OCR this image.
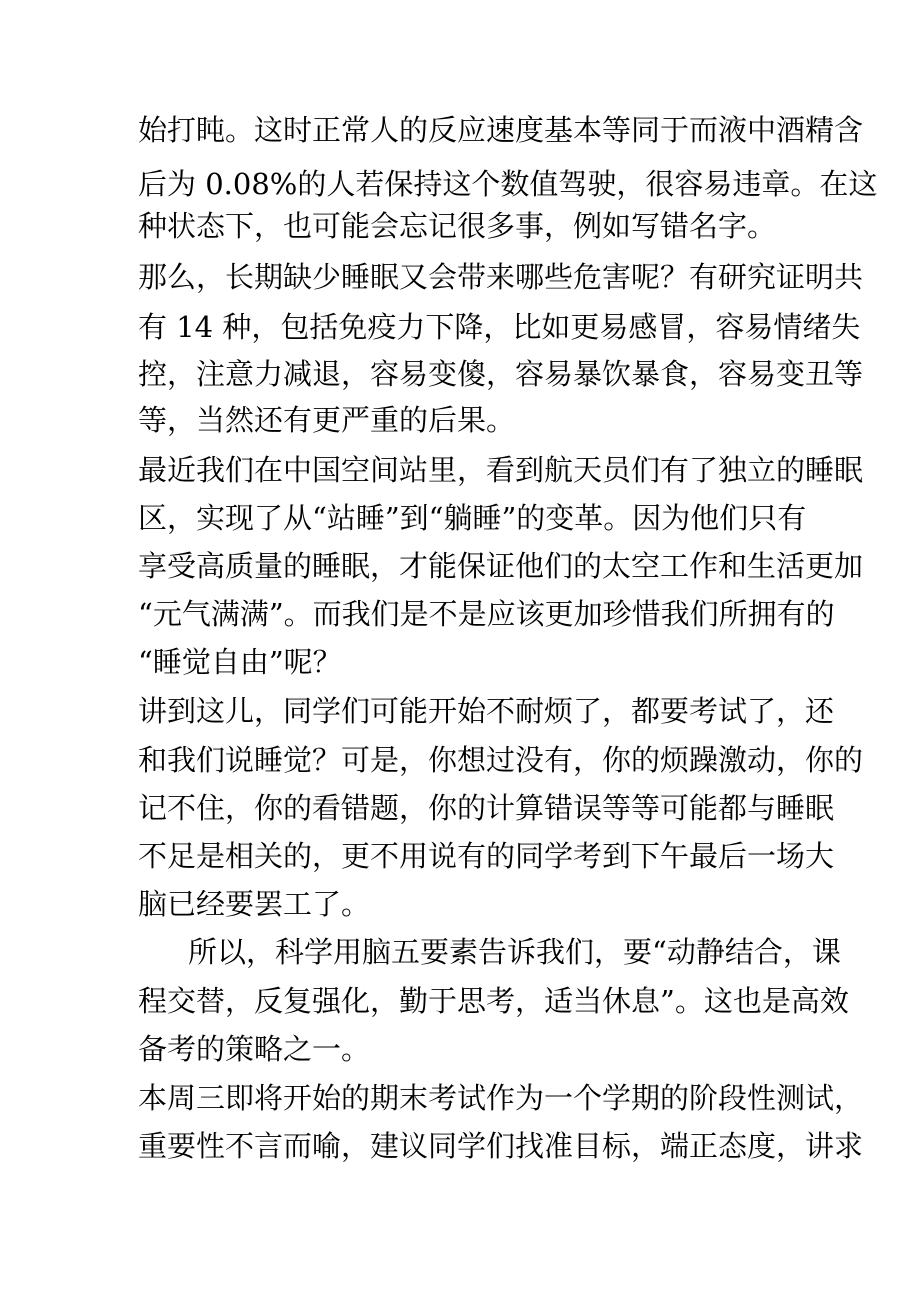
始打盹。这时正常人的反应速度基本等同于而液中酒精含
后为 0.08%的人若保持这个数值驾驶，很容易违章。在这
种状态下，也可能会忘记很多事，例如写错名字。
那么，长期缺少睡眠又会带来哪些危害呢？有研究证明共
有 14 种，包括免疫力下降，比如更易感冒，容易情绪失
控，注意力减退，容易变傻，容易暴饮暴食，容易变丑等
等，当然还有更严重的后果。
最近我们在中国空间站里，看到航天员们有了独立的睡眠
区，实现了从“站睡”到“躺睡”的变革。因为他们只有
享受高质量的睡眠，才能保证他们的太空工作和生活更加
“元气满满”。而我们是不是应该更加珍惜我们所拥有的
“睡觉自由”呢？
讲到这儿，同学们可能开始不耐烦了，都要考试了，还
和我们说睡觉？可是，你想过没有，你的烦躁激动，你的
记不住，你的看错题，你的计算错误等等可能都与睡眠
不足是相关的，更不用说有的同学考到下午最后一场大
脑已经要罢工了。
所以，科学用脑五要素告诉我们，要“动静结合，课
程交替，反复强化，勤于思考，适当休息”。这也是高效
备考的策略之一。
本周三即将开始的期末考试作为一个学期的阶段性测试，
重要性不言而喻，建议同学们找准目标，端正态度，讲求
